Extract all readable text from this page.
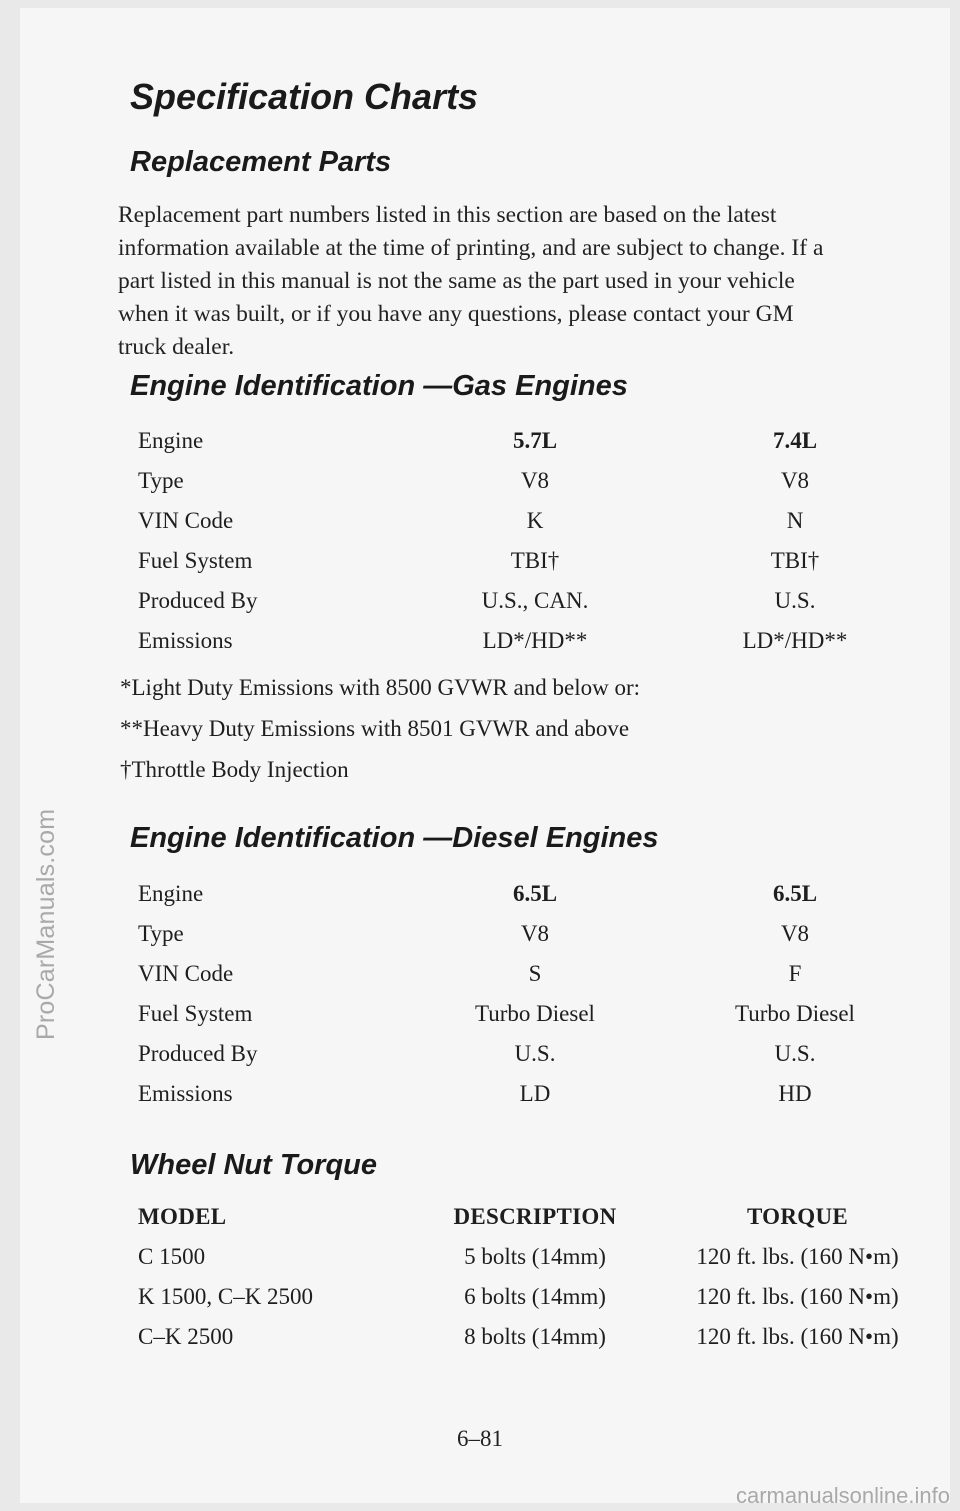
ProCarManuals.com
Specification Charts
Replacement Parts

Replacement part numbers listed in this section are based on the latest
information available at the time of printing, and are subject to change. If a
part listed in this manual is not the same as the part used in your vehicle
when it was built, or if you have any questions, please contact your GM
truck dealer.

Engine Identification —Gas Engines
Engine	5.7L	7.4L
Type	V8	V8
VIN Code	K	N
Fuel System	TBI†	TBI†
Produced By	U.S., CAN.	U.S.
Emissions	LD*/HD**	LD*/HD**
*Light Duty Emissions with 8500 GVWR and below or:
**Heavy Duty Emissions with 8501 GVWR and above
†Throttle Body Injection
Engine Identification —Diesel Engines
Engine	6.5L	6.5L
Type	V8	V8
VIN Code	S	F
Fuel System	Turbo Diesel	Turbo Diesel
Produced By	U.S.	U.S.
Emissions	LD	HD
Wheel Nut Torque
MODEL	DESCRIPTION	TORQUE
C 1500	5 bolts (14mm)	120 ft. lbs. (160 N•m)
K 1500, C–K 2500	6 bolts (14mm)	120 ft. lbs. (160 N•m)
C–K 2500	8 bolts (14mm)	120 ft. lbs. (160 N•m)
6–81
carmanualsonline.info
